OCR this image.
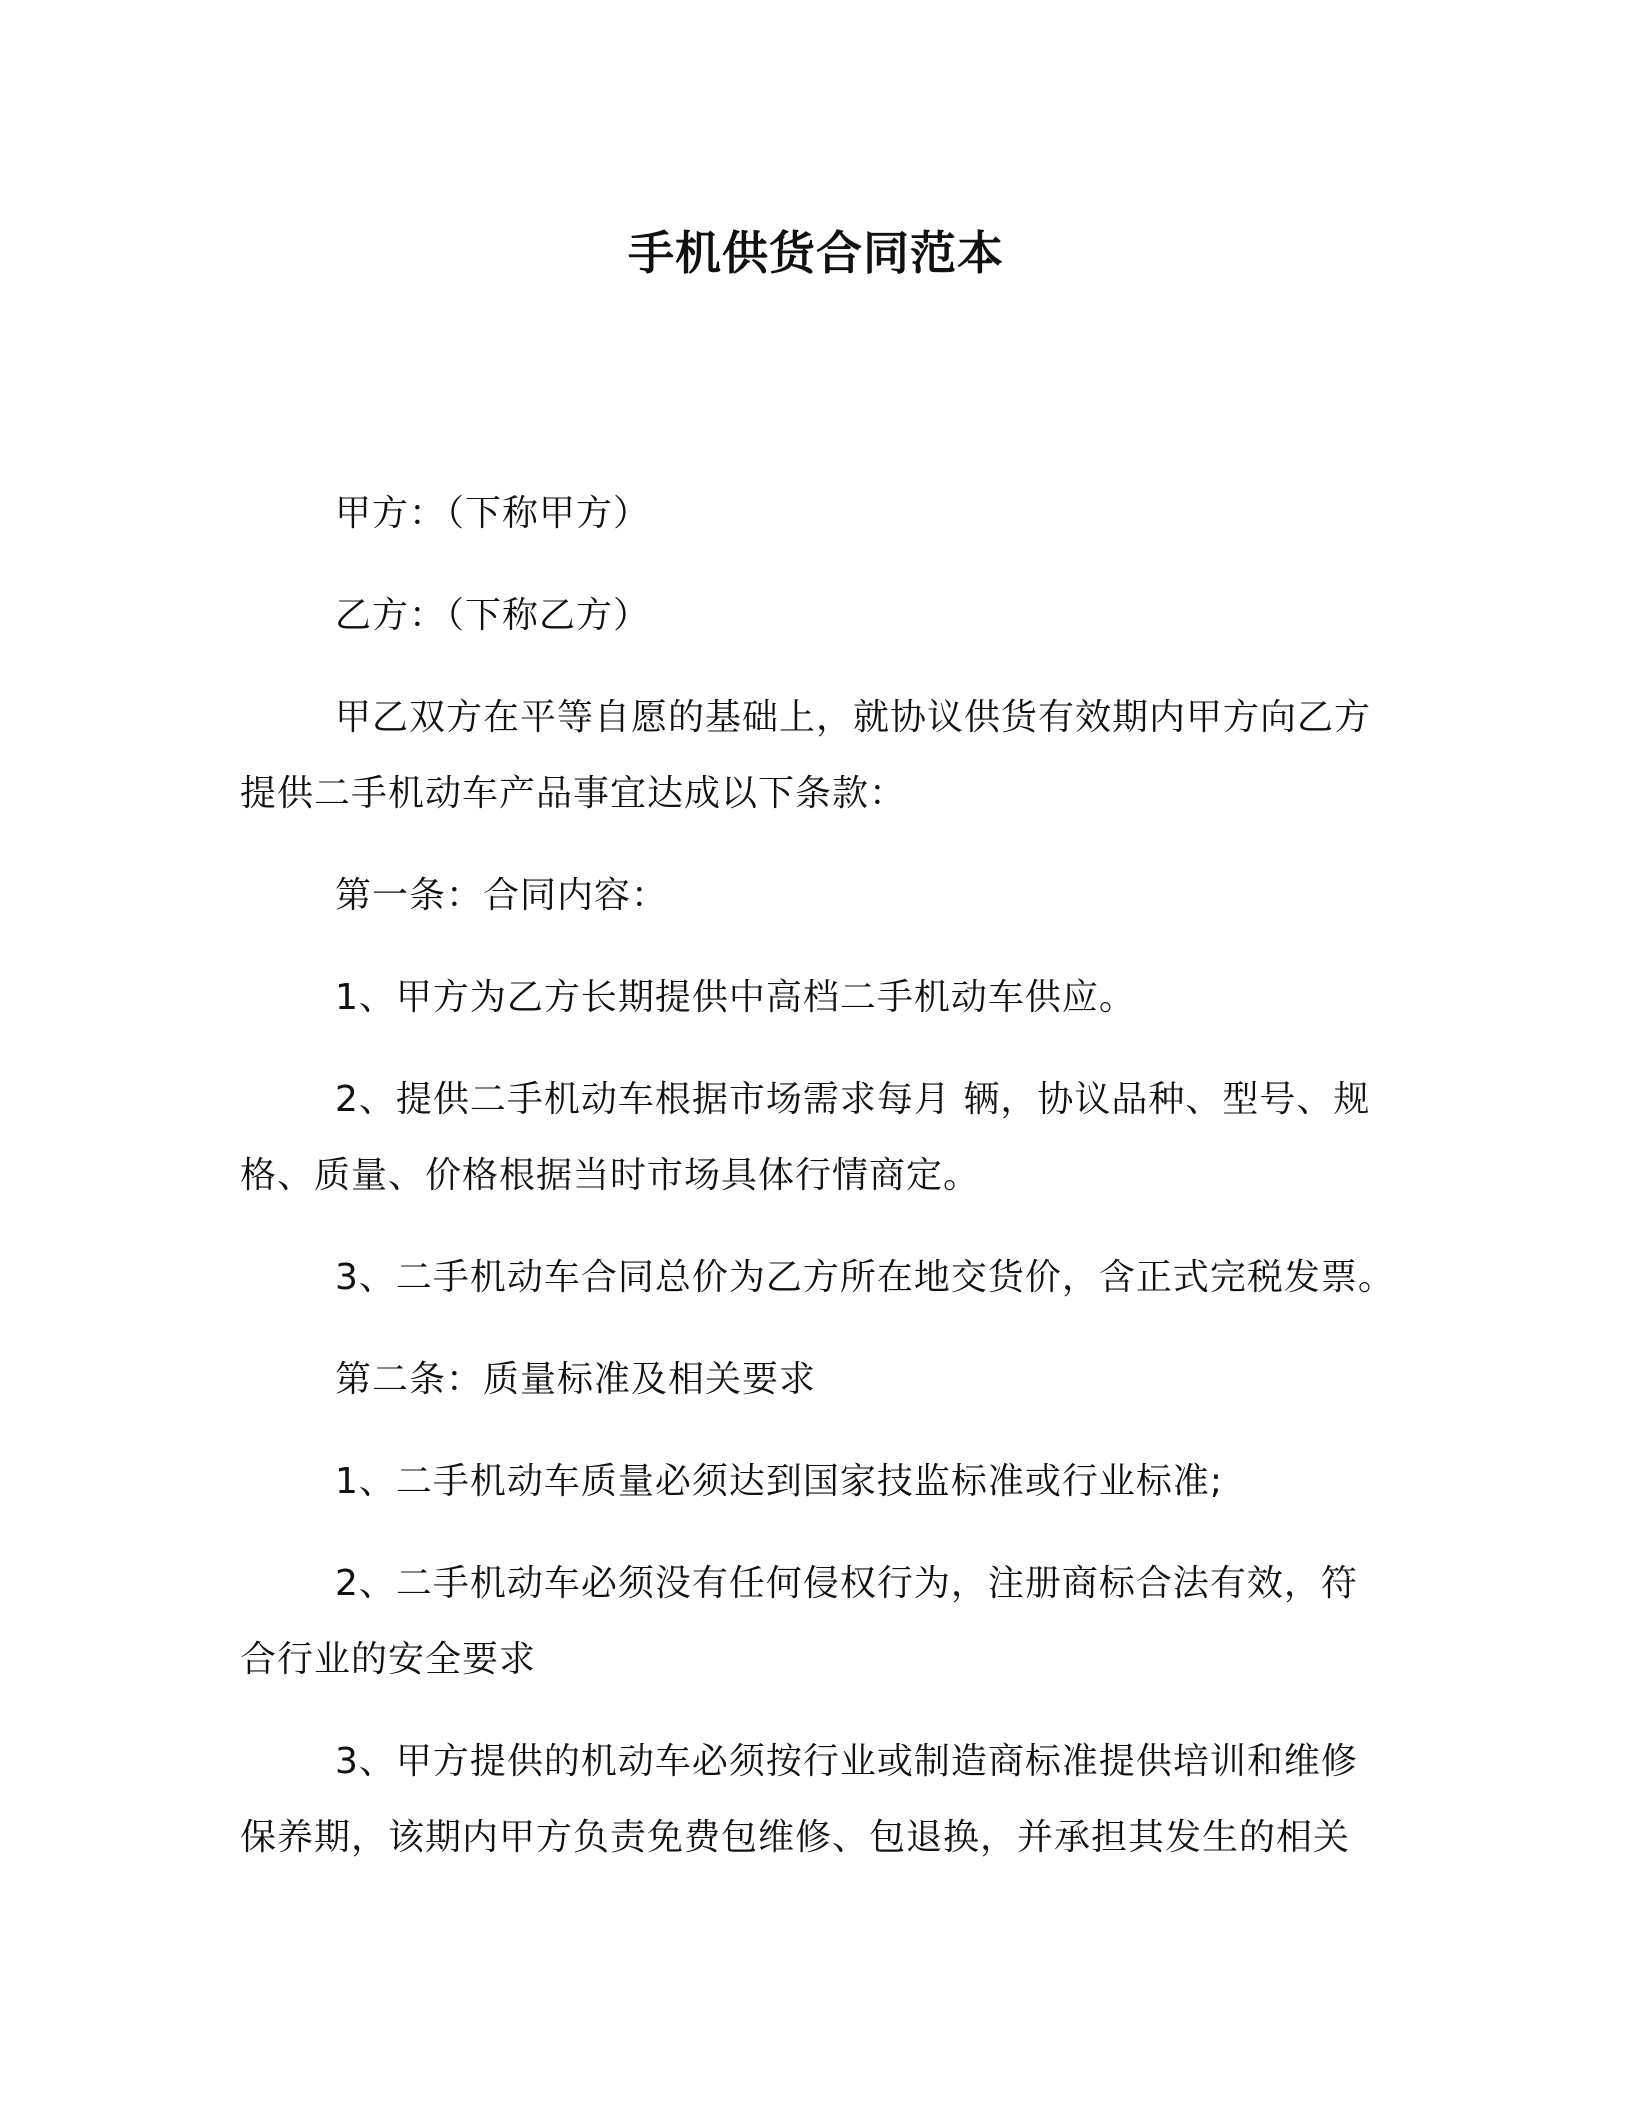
手机供货合同范本

甲方：（下称甲方）

乙方：（下称乙方）

甲乙双方在平等自愿的基础上，就协议供货有效期内甲方向乙方
提供二手机动车产品事宜达成以下条款：

第一条：合同内容：

1、甲方为乙方长期提供中高档二手机动车供应。

2、提供二手机动车根据市场需求每月 辆，协议品种、型号、规
格、质量、价格根据当时市场具体行情商定。

3、二手机动车合同总价为乙方所在地交货价，含正式完税发票。

第二条：质量标准及相关要求

1、二手机动车质量必须达到国家技监标准或行业标准;

2、二手机动车必须没有任何侵权行为，注册商标合法有效，符
合行业的安全要求

3、甲方提供的机动车必须按行业或制造商标准提供培训和维修
保养期，该期内甲方负责免费包维修、包退换，并承担其发生的相关
